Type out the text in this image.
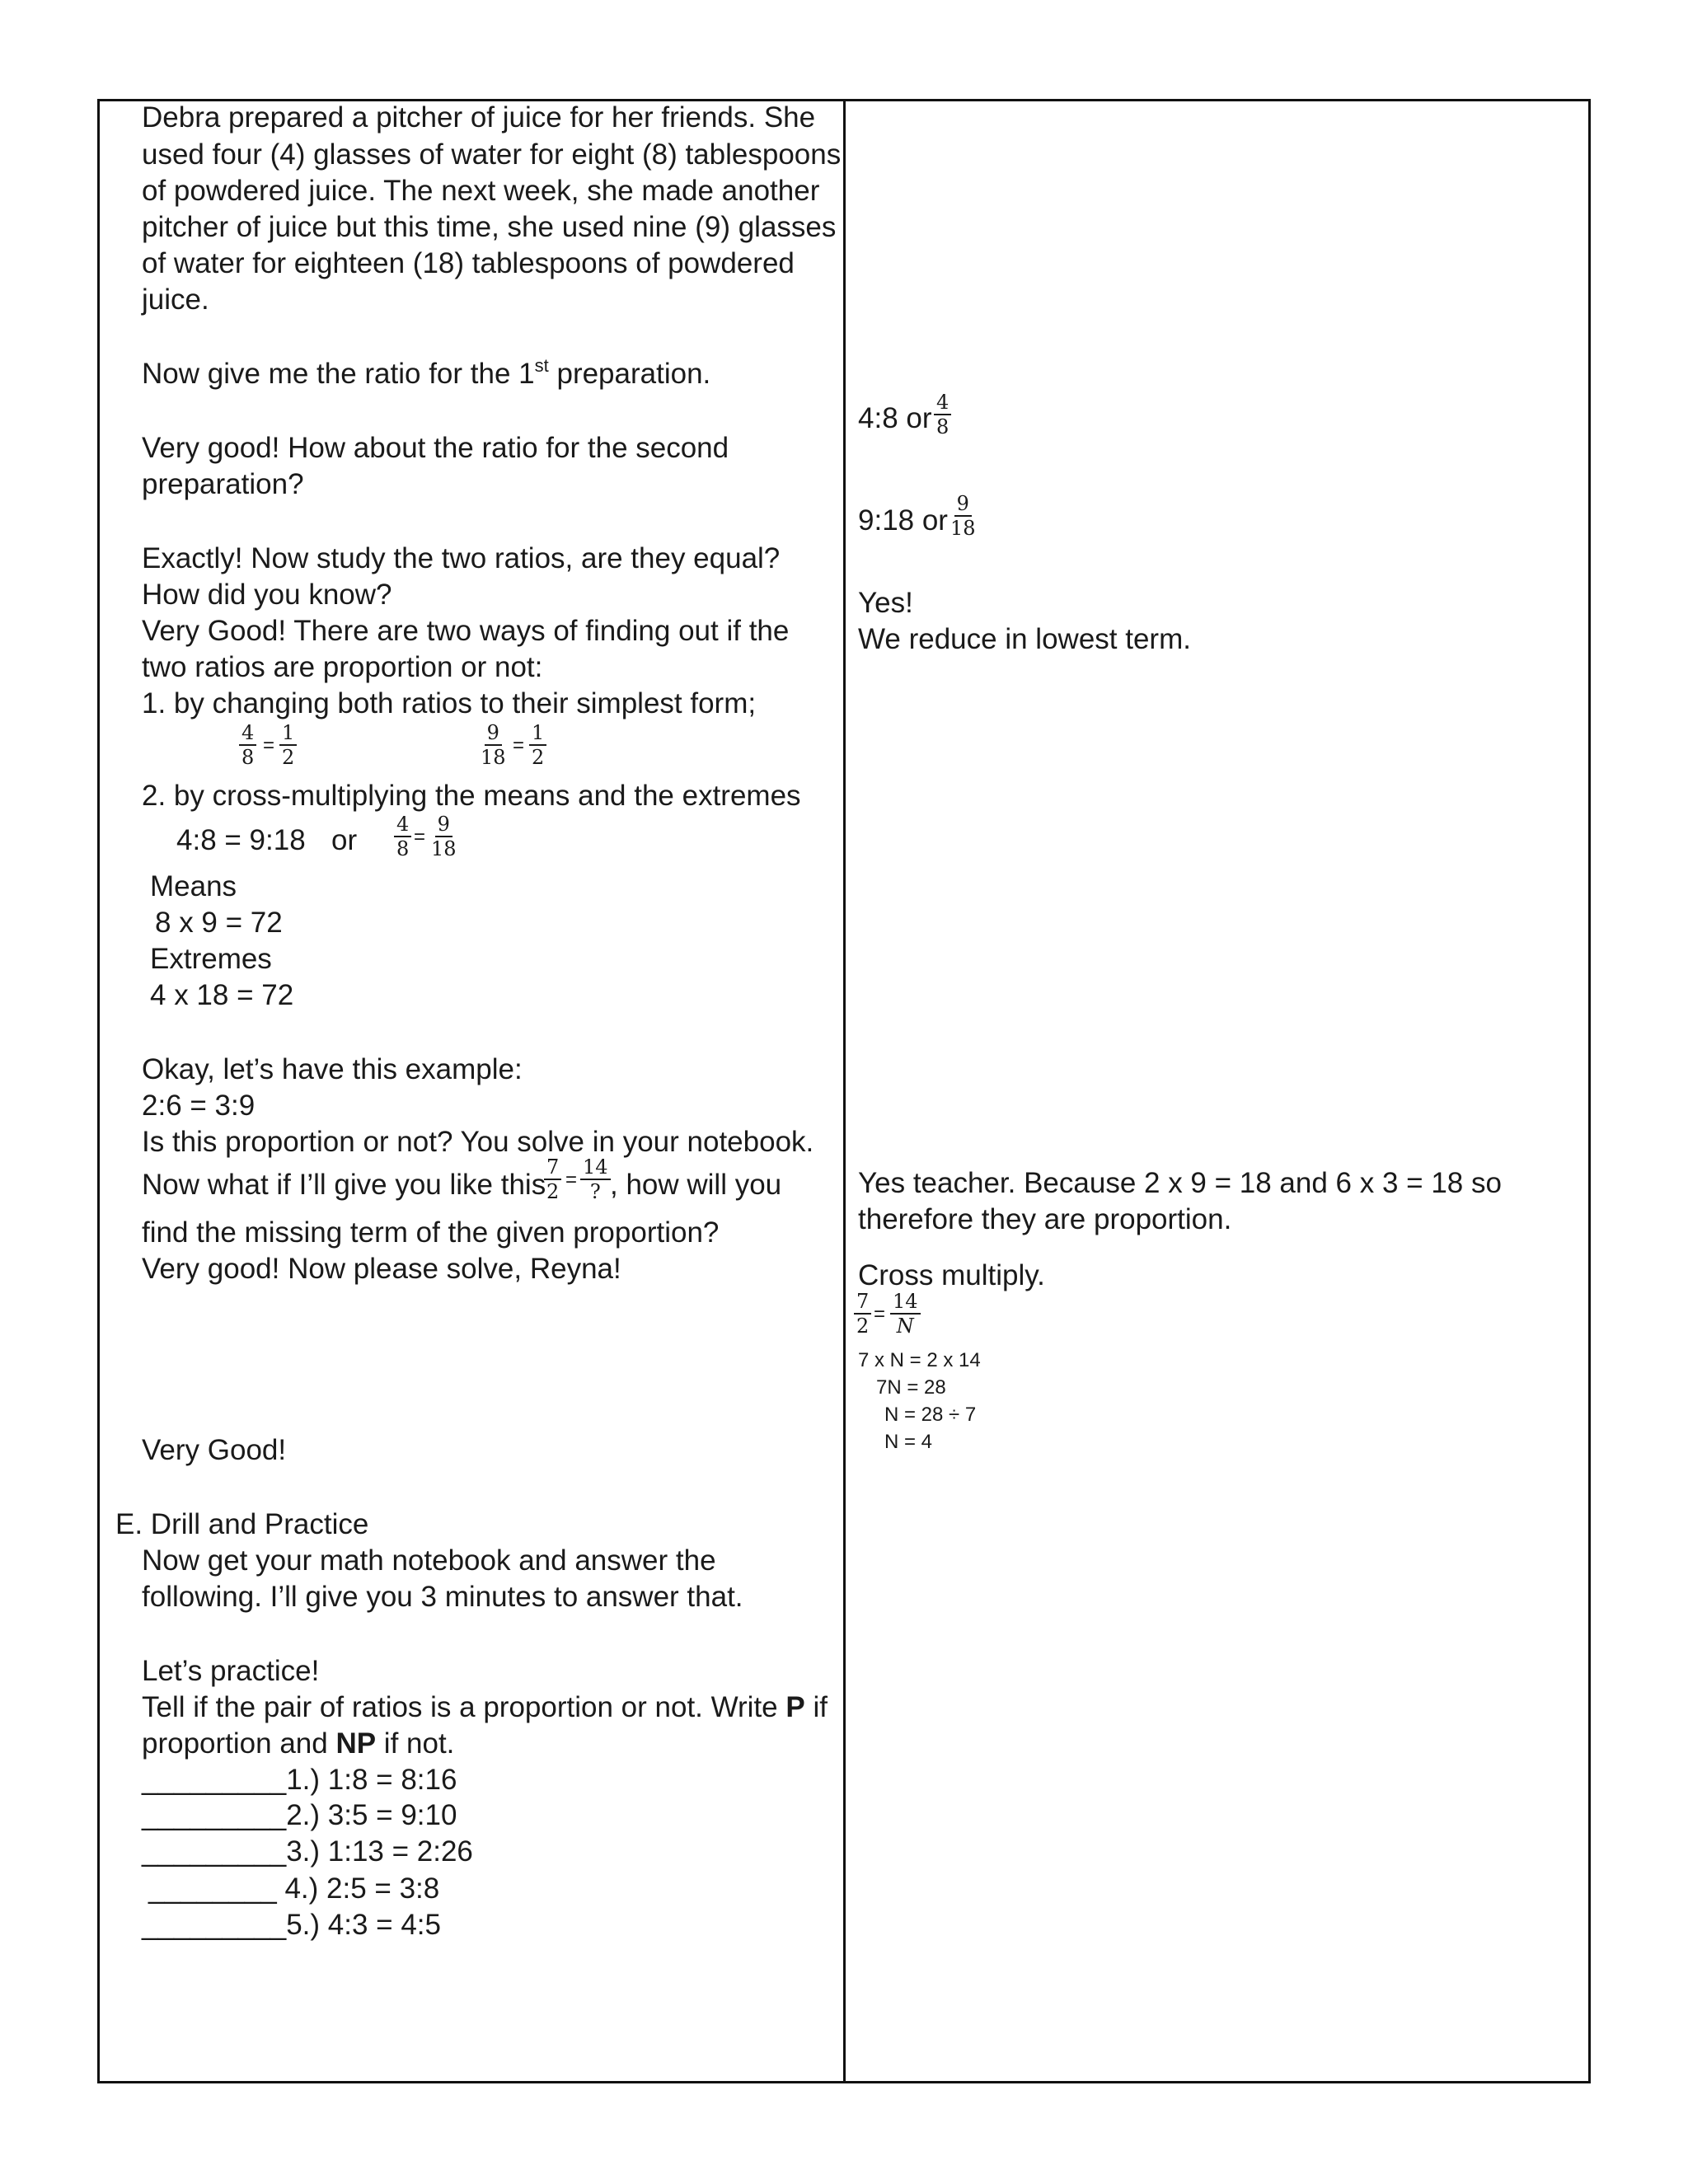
Debra prepared a pitcher of juice for her friends. She
used four (4) glasses of water for eight (8) tablespoons
of powdered juice. The next week, she made another
pitcher of juice but this time, she used nine (9) glasses
of water for eighteen (18) tablespoons of powdered
juice.
Now give me the ratio for the 1st preparation.
Very good! How about the ratio for the second
preparation?
Exactly! Now study the two ratios, are they equal?
How did you know?
Very Good! There are two ways of finding out if the
two ratios are proportion or not:
1. by changing both ratios to their simplest form;
$\frac{4}{8} = \frac{1}{2}$	$\frac{9}{18} = \frac{1}{2}$
2. by cross-multiplying the means and the extremes
4:8 = 9:18 or $\frac{4}{8} = \frac{9}{18}$
Means
8 x 9 = 72
Extremes
4 x 18 = 72
Okay, let’s have this example:
2:6 = 3:9
Is this proportion or not? You solve in your notebook.
Now what if I’ll give you like this
$\frac{7}{2}$ =
14
? , how will you
find the missing term of the given proportion?
Very good! Now please solve, Reyna!
Very Good!
E. Drill and Practice
Now get your math notebook and answer the
following. I’ll give you 3 minutes to answer that.
Let’s practice!
Tell if the pair of ratios is a proportion or not. Write P if
proportion and NP if not.
_________1.) 1:8 = 8:16
_________2.) 3:5 = 9:10
_________3.) 1:13 = 2:26
________ 4.) 2:5 = 3:8
_________5.) 4:3 = 4:5
4:8 or $\frac{4}{8}$
9:18 or $\frac{9}{18}$
Yes!
We reduce in lowest term.
Yes teacher. Because 2 x 9 = 18 and 6 x 3 = 18 so
therefore they are proportion.
Cross multiply.
$\frac{7}{2} = \frac{14}{N}$
7 x N = 2 x 14
7N = 28
N = 28 ÷ 7
N = 4
